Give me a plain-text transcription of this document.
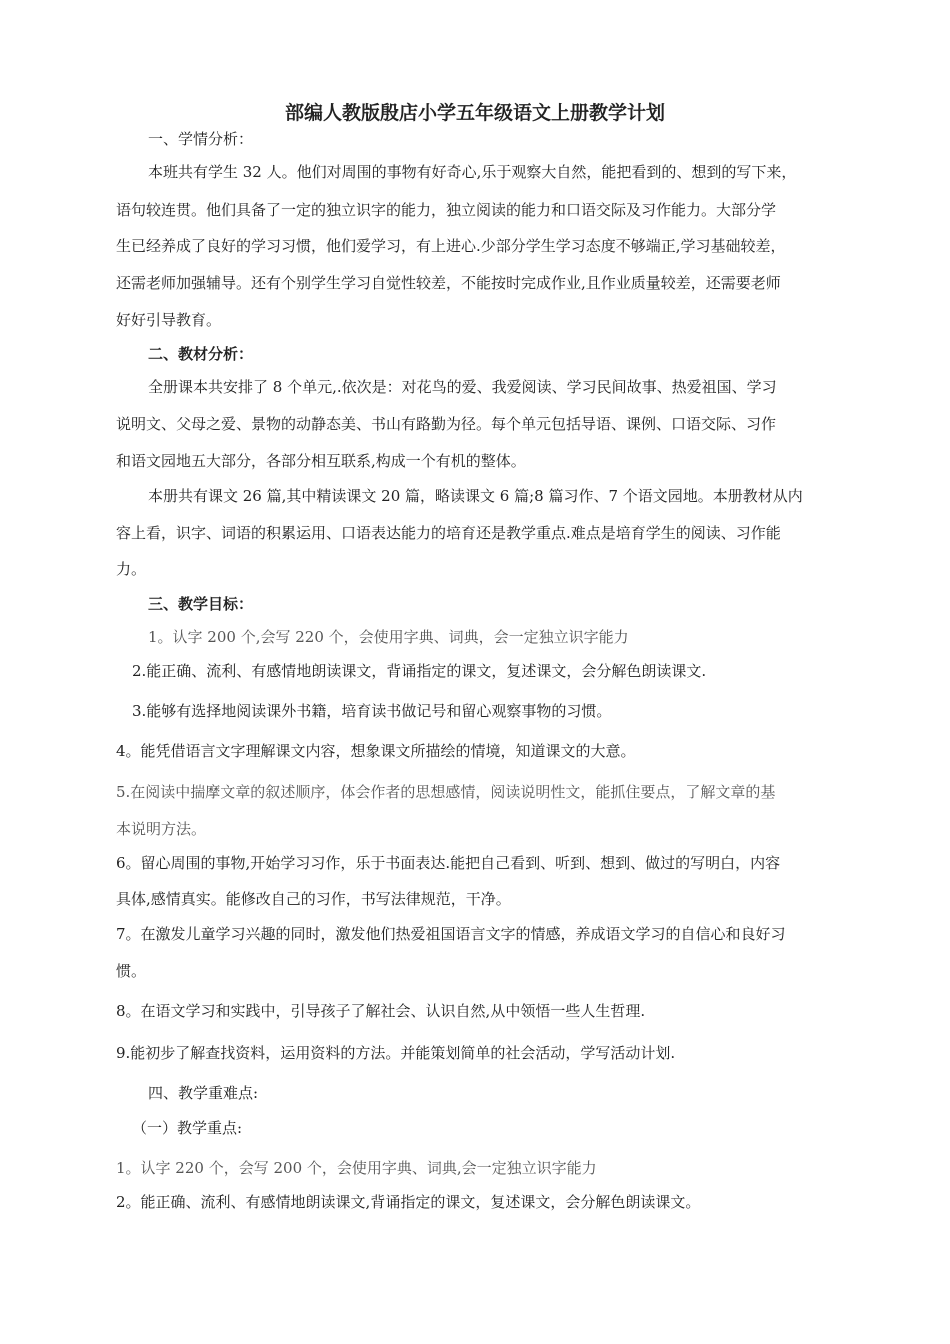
部编人教版殷店小学五年级语文上册教学计划
一、学情分析：
本班共有学生 32 人。他们对周围的事物有好奇心,乐于观察大自然，能把看到的、想到的写下来，
语句较连贯。他们具备了一定的独立识字的能力，独立阅读的能力和口语交际及习作能力。大部分学
生已经养成了良好的学习习惯，他们爱学习，有上进心.少部分学生学习态度不够端正,学习基础较差，
还需老师加强辅导。还有个别学生学习自觉性较差，不能按时完成作业,且作业质量较差，还需要老师
好好引导教育。
二、教材分析：
全册课本共安排了 8 个单元,.依次是：对花鸟的爱、我爱阅读、学习民间故事、热爱祖国、学习
说明文、父母之爱、景物的动静态美、书山有路勤为径。每个单元包括导语、课例、口语交际、习作
和语文园地五大部分，各部分相互联系,构成一个有机的整体。
本册共有课文 26 篇,其中精读课文 20 篇，略读课文 6 篇;8 篇习作、7 个语文园地。本册教材从内
容上看，识字、词语的积累运用、口语表达能力的培育还是教学重点.难点是培育学生的阅读、习作能
力。
三、教学目标：
1。认字 200 个,会写 220 个，会使用字典、词典，会一定独立识字能力
2.能正确、流利、有感情地朗读课文，背诵指定的课文，复述课文，会分解色朗读课文.
3.能够有选择地阅读课外书籍，培育读书做记号和留心观察事物的习惯。
4。能凭借语言文字理解课文内容，想象课文所描绘的情境，知道课文的大意。
5.在阅读中揣摩文章的叙述顺序，体会作者的思想感情，阅读说明性文，能抓住要点，了解文章的基
本说明方法。
6。留心周围的事物,开始学习习作，乐于书面表达.能把自己看到、听到、想到、做过的写明白，内容
具体,感情真实。能修改自己的习作，书写法律规范，干净。
7。在激发儿童学习兴趣的同时，激发他们热爱祖国语言文字的情感，养成语文学习的自信心和良好习
惯。
8。在语文学习和实践中，引导孩子了解社会、认识自然,从中领悟一些人生哲理.
9.能初步了解查找资料，运用资料的方法。并能策划简单的社会活动，学写活动计划.
四、教学重难点:
（一）教学重点:
1。认字 220 个，会写 200 个，会使用字典、词典,会一定独立识字能力
2。能正确、流利、有感情地朗读课文,背诵指定的课文，复述课文，会分解色朗读课文。
